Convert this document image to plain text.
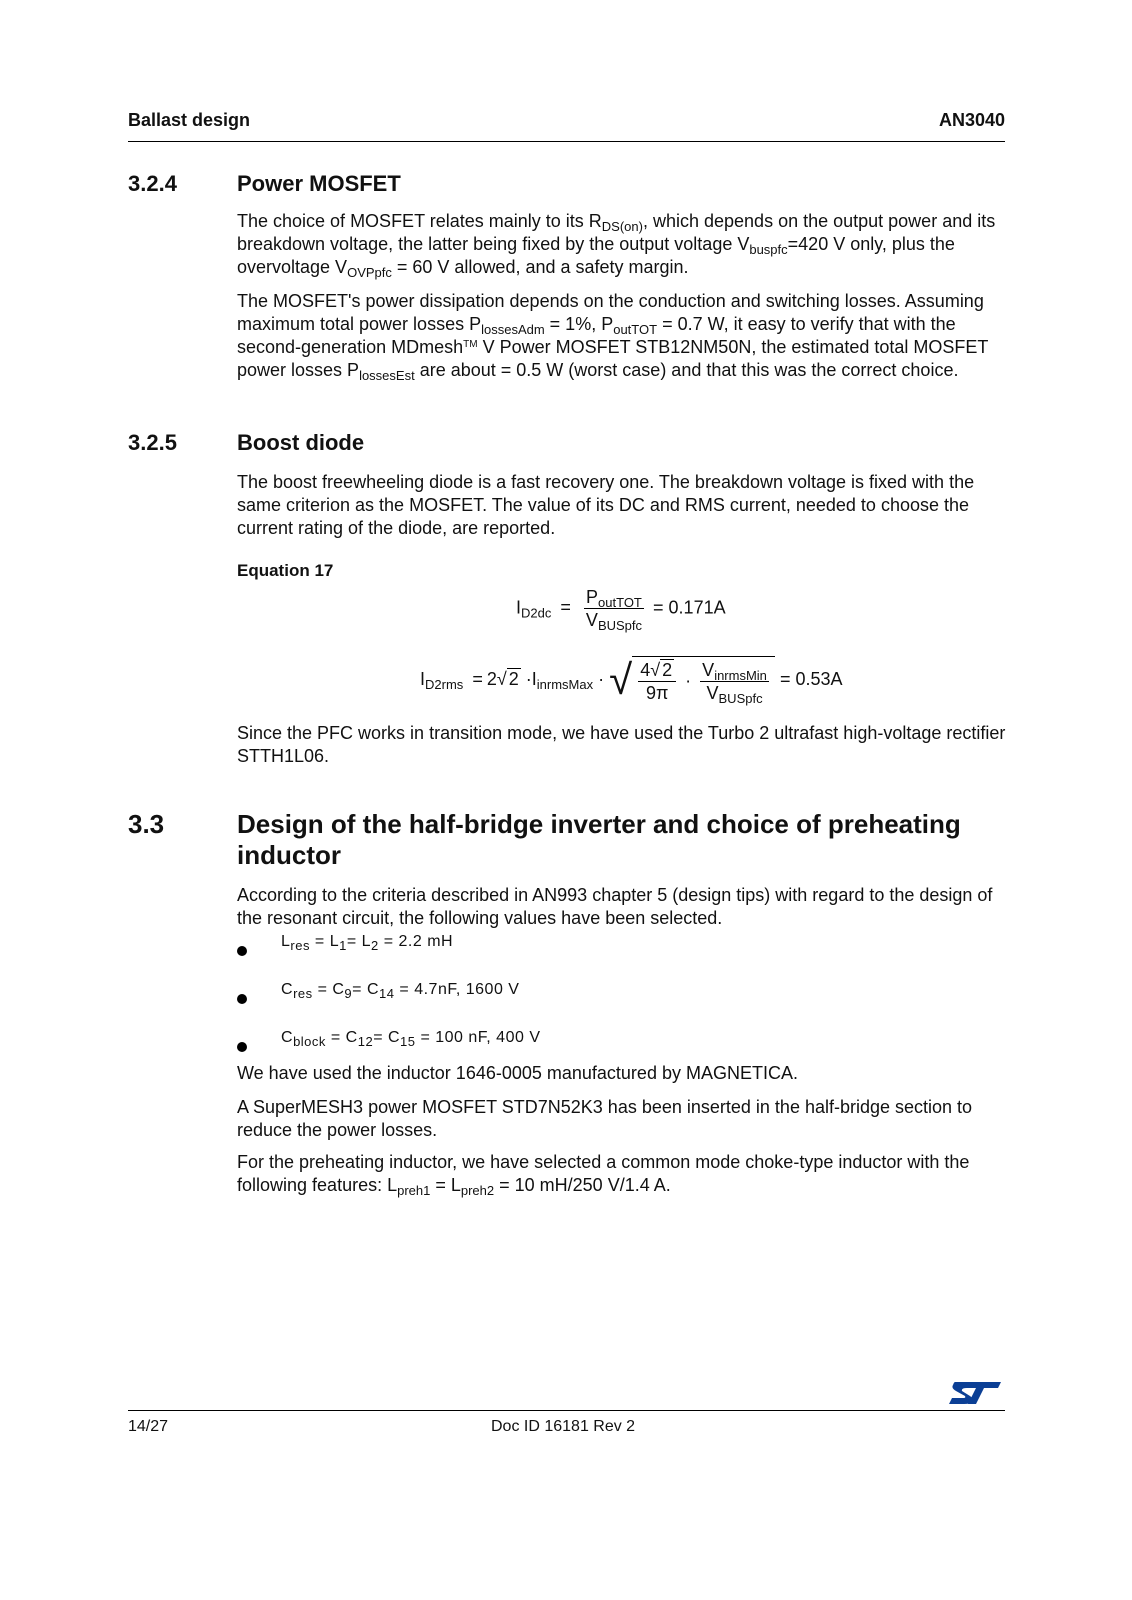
Ballast design	AN3040
3.2.4	Power MOSFET

The choice of MOSFET relates mainly to its $R_{DS(on)}$, which depends on the output power and its breakdown voltage, the latter being fixed by the output voltage $V_{buspfc}=420$ V only, plus the overvoltage $V_{OVPpfc} = 60$ V allowed, and a safety margin.

The MOSFET's power dissipation depends on the conduction and switching losses. Assuming maximum total power losses $P_{lossesAdm} = 1\%$, $P_{outTOT} = 0.7$ W, it easy to verify that with the second-generation MDmesh™ V Power MOSFET STB12NM50N, the estimated total MOSFET power losses $P_{lossesEst}$ are about = 0.5 W (worst case) and that this was the correct choice.

3.2.5	Boost diode

The boost freewheeling diode is a fast recovery one. The breakdown voltage is fixed with the same criterion as the MOSFET. The value of its DC and RMS current, needed to choose the current rating of the diode, are reported.

Equation 17
$I_{D2dc} = \frac{P_{outTOT}}{V_{BUSpfc}} = 0.171A$
$I_{D2rms} = 2√$ $2 \cdot I_{inrmsMax}$ · √ $\frac{4√ 2}{9\pi} \cdot \frac{V_{inrmsMin}}{V_{BUSpfc}} = 0.53A$

Since the PFC works in transition mode, we have used the Turbo 2 ultrafast high-voltage rectifier STTH1L06.

3.3	Design of the half-bridge inverter and choice of preheating inductor

According to the criteria described in AN993 chapter 5 (design tips) with regard to the design of the resonant circuit, the following values have been selected.

$L_{res} = L_1= L_2 = 2.2$ mH
$C_{res} = C_9= C_{14} = 4.7nF$, 1600 V
$C_{block} = C_{12}= C_{15} = 100$ nF, 400 V

We have used the inductor 1646-0005 manufactured by MAGNETICA.

A SuperMESH3 power MOSFET STD7N52K3 has been inserted in the half-bridge section to reduce the power losses.

For the preheating inductor, we have selected a common mode choke-type inductor with the following features: $L_{preh1} = L_{preh2} = 10$ mH/250 V/1.4 A.

14/27	Doc ID 16181 Rev 2
